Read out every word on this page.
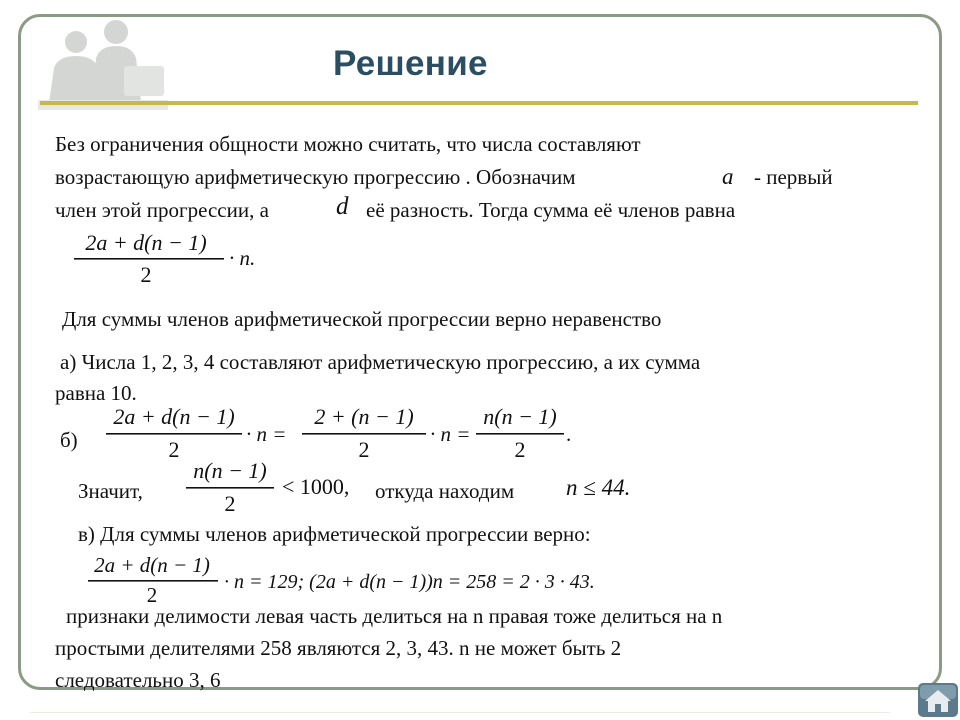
Решение
Без ограничения общности можно считать, что числа составляют
возрастающую арифметическую прогрессию . Обозначим	a - первый
член этой прогрессии, а	d её разность. Тогда сумма её членов равна
2a + d(n − 1)
2
· n.
Для суммы членов арифметической прогрессии верно неравенство
а) Числа 1, 2, 3, 4 составляют арифметическую прогрессию, а их сумма
равна 10.
б)
2a + d(n − 1)
2
· n =
2 + (n − 1)
2
· n =
n(n − 1)
2
.
Значит,
n(n − 1)
2
< 1000, откуда находим n ≤ 44.
в) Для суммы членов арифметической прогрессии верно:
2a + d(n − 1)
2
· n = 129; (2a + d(n − 1))n = 258 = 2 · 3 · 43.
признаки делимости левая часть делиться на n правая тоже делиться на n
простыми делителями 258 являются 2, 3, 43. n не может быть 2
следовательно 3, 6
